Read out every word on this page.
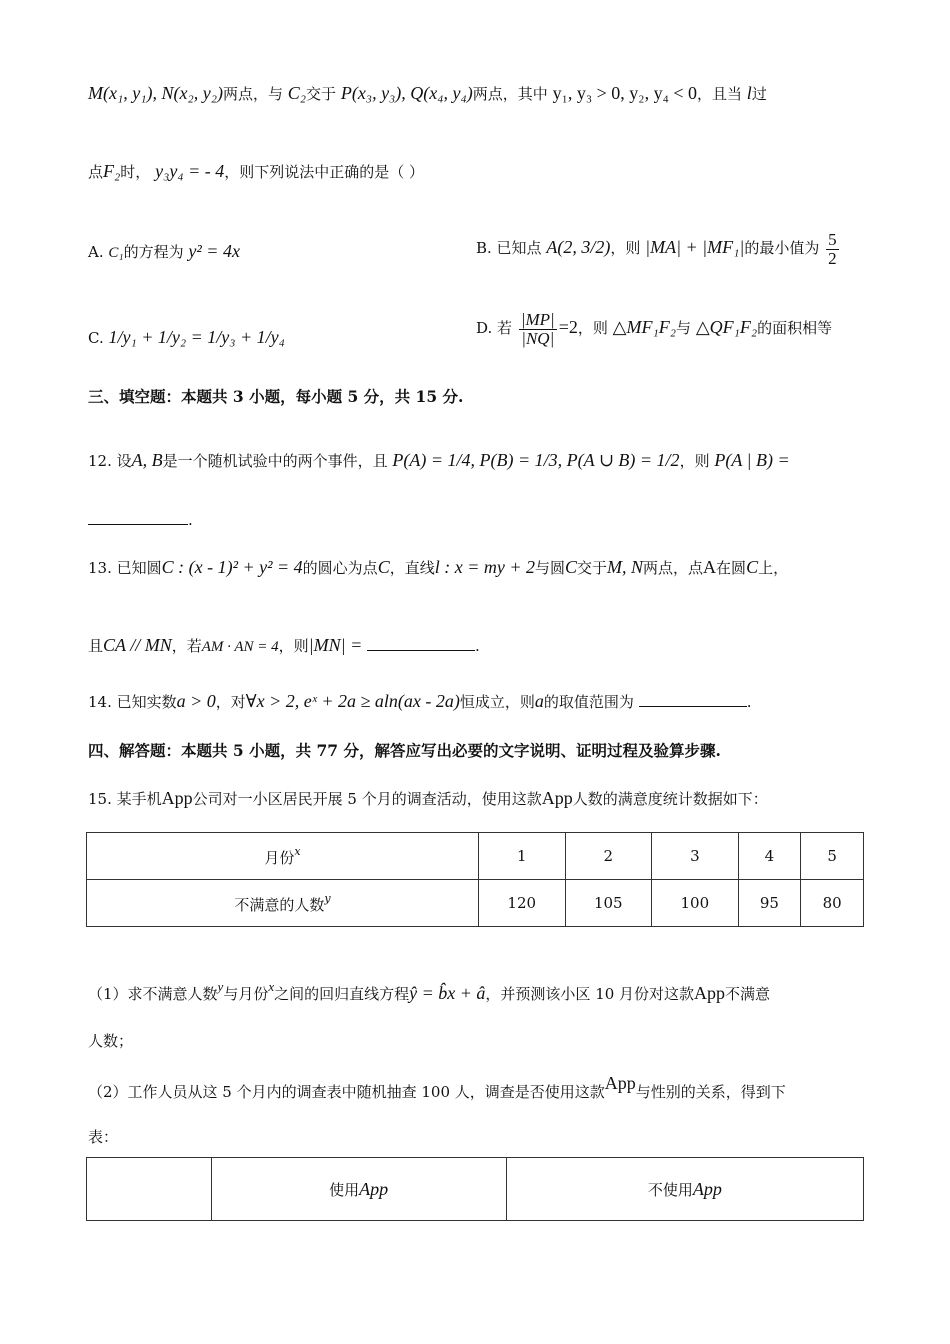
M(x₁, y₁), N(x₂, y₂)两点，与 C₂交于 P(x₃, y₃), Q(x₄, y₄)两点，其中 y₁, y₃ > 0, y₂, y₄ < 0，且当 l过
点F₂时， y₃y₄ = - 4，则下列说法中正确的是（ ）
A. C₁的方程为 y² = 4x	B. 已知点 A(2, 3/2)，则 |MA| + |MF₁|的最小值为 $\frac{5}{2}$
C. 1/y₁ + 1/y₂ = 1/y₃ + 1/y₄	D. 若 $\frac{|MP|}{|NQ|} =2$，则 △MF₁F₂与 △QF₁F₂的面积相等
三、填空题：本题共 3 小题，每小题 5 分，共 15 分.
12. 设A, B是一个随机试验中的两个事件，且 P(A) = 1/4, P(B) = 1/3, P(A ∪ B) = 1/2，则 P(A | B) =
.
13. 已知圆C : (x - 1)² + y² = 4的圆心为点C，直线l : x = my + 2与圆C交于M, N两点，点A在圆C上，
且CA // MN，若AM · AN = 4，则|MN| =	.
14. 已知实数a > 0，对∀x > 2, eˣ + 2a ≥ aln(ax - 2a)恒成立，则a的取值范围为	.
四、解答题：本题共 5 小题，共 77 分，解答应写出必要的文字说明、证明过程及验算步骤.
15. 某手机App公司对一小区居民开展 5 个月的调查活动，使用这款App人数的满意度统计数据如下：
月份$^x$	1	2	3	4	5
不满意的人数$^y$	120	105	100	95	80
（1）求不满意人数y与月份x之间的回归直线方程ŷ = b̂x + â，并预测该小区 10 月份对这款App不满意
人数；
（2）工作人员从这 5 个月内的调查表中随机抽查 100 人，调查是否使用这款App与性别的关系，得到下
表：
	使用App	不使用App
